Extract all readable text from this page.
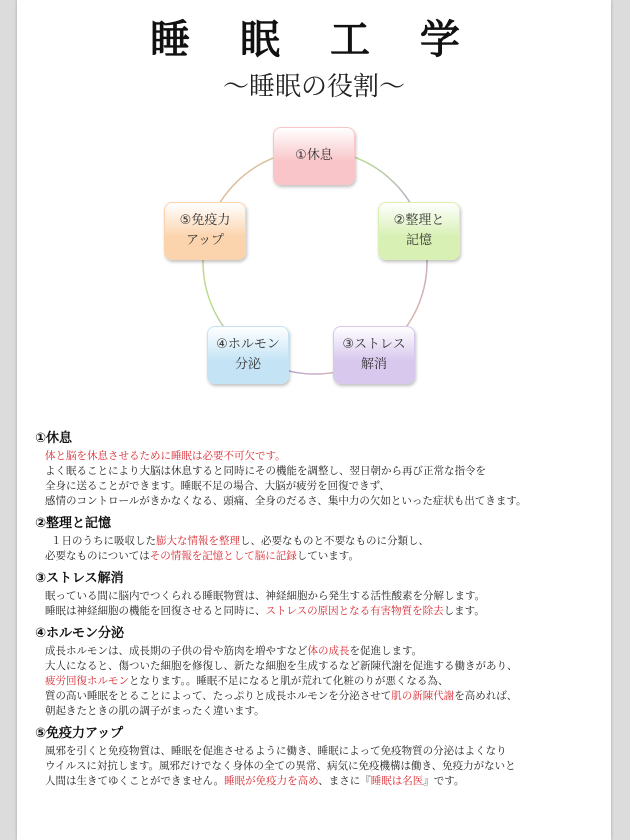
睡 眠 工 学
～睡眠の役割～
①休息
②整理と
記憶
③ストレス
解消
④ホルモン
分泌
⑤免疫力
アップ
①休息

体と脳を休息させるために睡眠は必要不可欠です。

よく眠ることにより大脳は休息すると同時にその機能を調整し、翌日朝から再び正常な指令を

全身に送ることができます。睡眠不足の場合、大脳が疲労を回復できず、

感情のコントロールがきかなくなる、頭痛、全身のだるさ、集中力の欠如といった症状も出てきます。

②整理と記憶

１日のうちに吸収した膨大な情報を整理し、必要なものと不要なものに分類し、

必要なものについてはその情報を記憶として脳に記録しています。

③ストレス解消

眠っている間に脳内でつくられる睡眠物質は、神経細胞から発生する活性酸素を分解します。

睡眠は神経細胞の機能を回復させると同時に、ストレスの原因となる有害物質を除去します。

④ホルモン分泌

成長ホルモンは、成長期の子供の骨や筋肉を増やすなど体の成長を促進します。

大人になると、傷ついた細胞を修復し、新たな細胞を生成するなど新陳代謝を促進する働きがあり、

疲労回復ホルモンとなります。。睡眠不足になると肌が荒れて化粧のりが悪くなる為、

質の高い睡眠をとることによって、たっぷりと成長ホルモンを分泌させて肌の新陳代謝を高めれば、

朝起きたときの肌の調子がまったく違います。

⑤免疫力アップ

風邪を引くと免疫物質は、睡眠を促進させるように働き、睡眠によって免疫物質の分泌はよくなり

ウイルスに対抗します。風邪だけでなく身体の全ての異常、病気に免疫機構は働き、免疫力がないと

人間は生きてゆくことができません。睡眠が免疫力を高め、まさに『睡眠は名医』です。
